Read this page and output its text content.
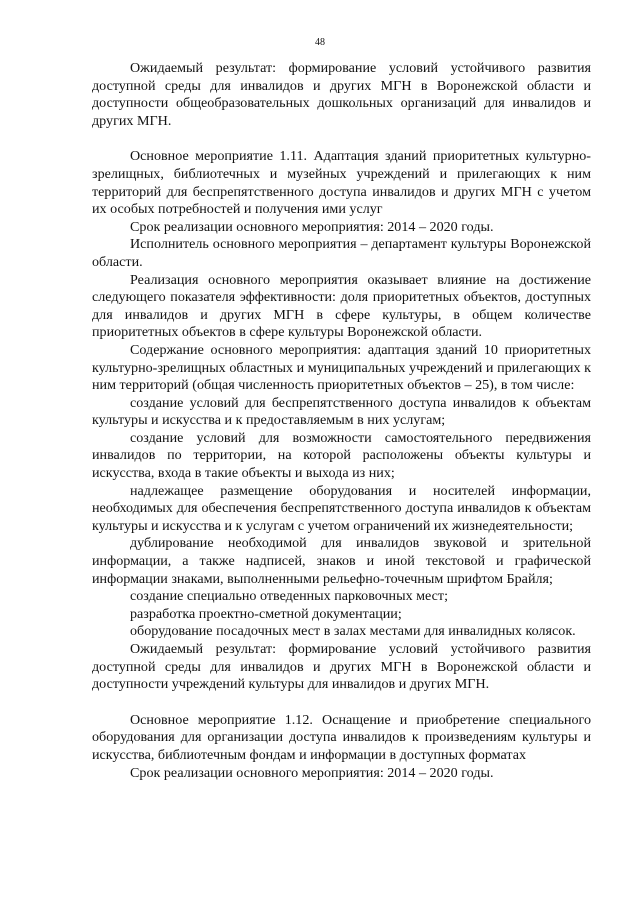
48

Ожидаемый результат: формирование условий устойчивого развития доступной среды для инвалидов и других МГН в Воронежской области и доступности общеобразовательных дошкольных организаций для инвалидов и других МГН.

Основное мероприятие 1.11. Адаптация зданий приоритетных культурно-зрелищных, библиотечных и музейных учреждений и прилегающих к ним территорий для беспрепятственного доступа инвалидов и других МГН с учетом их особых потребностей и получения ими услуг

Срок реализации основного мероприятия: 2014 – 2020 годы.

Исполнитель основного мероприятия – департамент культуры Воронежской области.

Реализация основного мероприятия оказывает влияние на достижение следующего показателя эффективности: доля приоритетных объектов, доступных для инвалидов и других МГН в сфере культуры, в общем количестве приоритетных объектов в сфере культуры Воронежской области.

Содержание основного мероприятия: адаптация зданий 10 приоритетных культурно-зрелищных областных и муниципальных учреждений и прилегающих к ним территорий (общая численность приоритетных объектов – 25), в том числе:

создание условий для беспрепятственного доступа инвалидов к объектам культуры и искусства и к предоставляемым в них услугам;

создание условий для возможности самостоятельного передвижения инвалидов по территории, на которой расположены объекты культуры и искусства, входа в такие объекты и выхода из них;

надлежащее размещение оборудования и носителей информации, необходимых для обеспечения беспрепятственного доступа инвалидов к объектам культуры и искусства и к услугам с учетом ограничений их жизнедеятельности;

дублирование необходимой для инвалидов звуковой и зрительной информации, а также надписей, знаков и иной текстовой и графической информации знаками, выполненными рельефно-точечным шрифтом Брайля;

создание специально отведенных парковочных мест;

разработка проектно-сметной документации;

оборудование посадочных мест в залах местами для инвалидных колясок.

Ожидаемый результат: формирование условий устойчивого развития доступной среды для инвалидов и других МГН в Воронежской области и доступности учреждений культуры для инвалидов и других МГН.

Основное мероприятие 1.12. Оснащение и приобретение специального оборудования для организации доступа инвалидов к произведениям культуры и искусства, библиотечным фондам и информации в доступных форматах

Срок реализации основного мероприятия: 2014 – 2020 годы.
